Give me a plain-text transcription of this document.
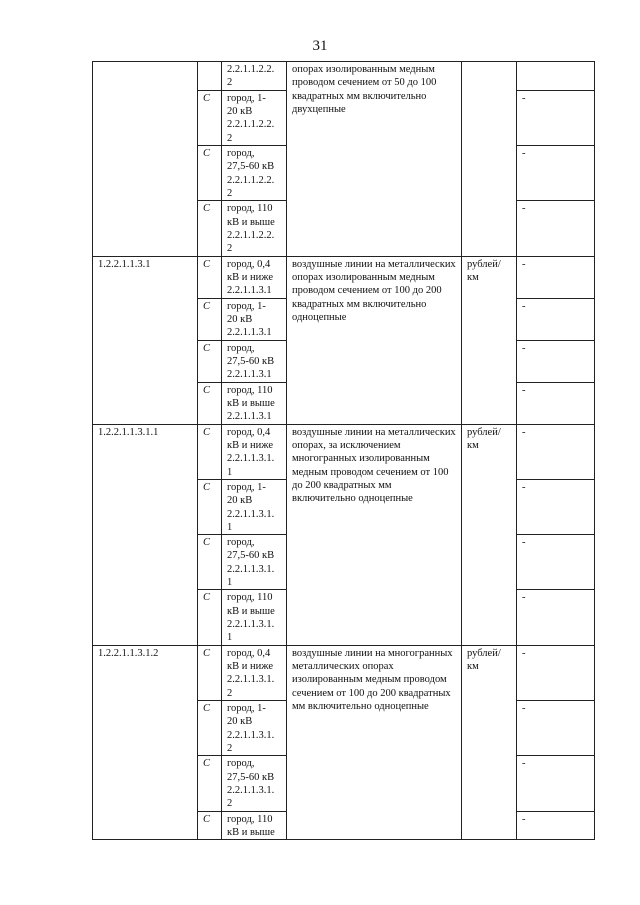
31
		2.2.1.1.2.2.
2	опорах изолированным медным проводом сечением от 50 до 100 квадратных мм включительно двухцепные		
	С	город, 1-
20 кВ
2.2.1.1.2.2.
2			-
	С	город,
27,5-60 кВ
2.2.1.1.2.2.
2			-
	С	город, 110
кВ и выше
2.2.1.1.2.2.
2			-
1.2.2.1.1.3.1	С	город, 0,4
кВ и ниже
2.2.1.1.3.1	воздушные линии на металлических опорах изолированным медным проводом сечением от 100 до 200 квадратных мм включительно одноцепные	рублей/
км	-
	С	город, 1-
20 кВ
2.2.1.1.3.1			-
	С	город,
27,5-60 кВ
2.2.1.1.3.1			-
	С	город, 110
кВ и выше
2.2.1.1.3.1			-
1.2.2.1.1.3.1.1	С	город, 0,4
кВ и ниже
2.2.1.1.3.1.
1	воздушные линии на металлических опорах, за исключением многогранных изолированным медным проводом сечением от 100 до 200 квадратных мм включительно одноцепные	рублей/
км	-
	С	город, 1-
20 кВ
2.2.1.1.3.1.
1			-
	С	город,
27,5-60 кВ
2.2.1.1.3.1.
1			-
	С	город, 110
кВ и выше
2.2.1.1.3.1.
1			-
1.2.2.1.1.3.1.2	С	город, 0,4
кВ и ниже
2.2.1.1.3.1.
2	воздушные линии на многогранных металлических опорах изолированным медным проводом сечением от 100 до 200 квадратных мм включительно одноцепные	рублей/
км	-
	С	город, 1-
20 кВ
2.2.1.1.3.1.
2			-
	С	город,
27,5-60 кВ
2.2.1.1.3.1.
2			-
	С	город, 110
кВ и выше			-
